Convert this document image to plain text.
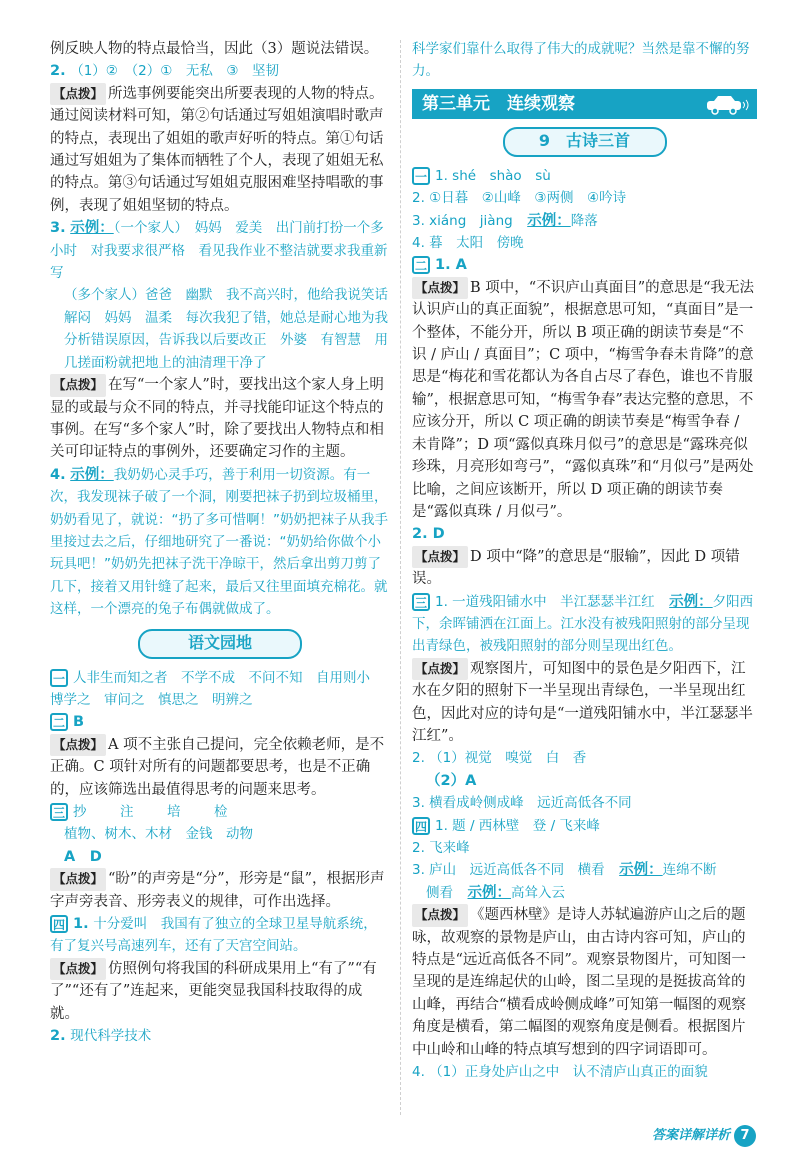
例反映人物的特点最恰当，因此（3）题说法错误。

2. （1）②　（2）①　无私　③　坚韧

【点拨】 所选事例要能突出所要表现的人物的特点。通过阅读材料可知，第②句话通过写姐姐演唱时歌声的特点，表现出了姐姐的歌声好听的特点。第①句话通过写姐姐为了集体而牺牲了个人，表现了姐姐无私的特点。第③句话通过写姐姐克服困难坚持唱歌的事例，表现了姐姐坚韧的特点。

3. 示例：（一个家人）　妈妈　爱美　出门前打扮一个多小时　对我要求很严格　看见我作业不整洁就要求我重新写

（多个家人）爸爸　幽默　我不高兴时，他给我说笑话解闷　妈妈　温柔　每次我犯了错，她总是耐心地为我分析错误原因，告诉我以后要改正　外婆　有智慧　用几搓面粉就把地上的油清理干净了

【点拨】 在写“一个家人”时，要找出这个家人身上明显的或最与众不同的特点，并寻找能印证这个特点的事例。在写“多个家人”时，除了要找出人物特点和相关可印证特点的事例外，还要确定习作的主题。

4. 示例：我奶奶心灵手巧，善于利用一切资源。有一次，我发现袜子破了一个洞，刚要把袜子扔到垃圾桶里，奶奶看见了，就说：“扔了多可惜啊！”奶奶把袜子从我手里接过去之后，仔细地研究了一番说：“奶奶给你做个小玩具吧！”奶奶先把袜子洗干净晾干，然后拿出剪刀剪了几下，接着又用针缝了起来，最后又往里面填充棉花。就这样，一个漂亮的兔子布偶就做成了。

语文园地

一 人非生而知之者　不学不成　不问不知　自用则小　博学之　审问之　慎思之　明辨之

二 B

【点拨】 A 项不主张自己提问，完全依赖老师，是不正确。C 项针对所有的问题都要思考，也是不正确的，应该筛选出最值得思考的问题来思考。

三 抄　注　培　检

植物、树木、木材　金钱　动物

A　D

【点拨】 “盼”的声旁是“分”，形旁是“鼠”，根据形声字声旁表音、形旁表义的规律，可作出选择。

四 1. 十分爱叫　我国有了独立的全球卫星导航系统，有了复兴号高速列车，还有了天宫空间站。

【点拨】 仿照例句将我国的科研成果用上“有了”“有了”“还有了”连起来，更能突显我国科技取得的成就。

2. 现代科学技术

科学家们靠什么取得了伟大的成就呢？当然是靠不懈的努力。

第三单元　连续观察
9　古诗三首

一 1. shé　shào　sù

2. ①日暮　②山峰　③两侧　④吟诗

3. xiáng　jiàng　 示例：降落

4. 暮　太阳　傍晚

二 1. A

【点拨】 B 项中，“不识庐山真面目”的意思是“我无法认识庐山的真正面貌”，根据意思可知，“真面目”是一个整体，不能分开，所以 B 项正确的朗读节奏是“不识 / 庐山 / 真面目”；C 项中，“梅雪争春未肯降”的意思是“梅花和雪花都认为各自占尽了春色，谁也不肯服输”，根据意思可知，“梅雪争春”表达完整的意思，不应该分开，所以 C 项正确的朗读节奏是“梅雪争春 / 未肯降”；D 项“露似真珠月似弓”的意思是“露珠亮似珍珠，月亮形如弯弓”，“露似真珠”和“月似弓”是两处比喻，之间应该断开，所以 D 项正确的朗读节奏是“露似真珠 / 月似弓”。

2. D

【点拨】 D 项中“降”的意思是“服输”，因此 D 项错误。

三 1. 一道残阳铺水中　半江瑟瑟半江红　 示例：夕阳西下，余晖铺洒在江面上。江水没有被残阳照射的部分呈现出青绿色，被残阳照射的部分则呈现出红色。

【点拨】 观察图片，可知图中的景色是夕阳西下，江水在夕阳的照射下一半呈现出青绿色，一半呈现出红色，因此对应的诗句是“一道残阳铺水中，半江瑟瑟半江红”。

2. （1）视觉　嗅觉　白　香

（2）A

3. 横看成岭侧成峰　远近高低各不同

四 1. 题 / 西林壁　登 / 飞来峰

2. 飞来峰

3. 庐山　远近高低各不同　横看　 示例：连绵不断

侧看　 示例：高耸入云

【点拨】 《题西林壁》是诗人苏轼遍游庐山之后的题咏，故观察的景物是庐山，由古诗内容可知，庐山的特点是“远近高低各不同”。观察景物图片，可知图一呈现的是连绵起伏的山岭，图二呈现的是挺拔高耸的山峰，再结合“横看成岭侧成峰”可知第一幅图的观察角度是横看，第二幅图的观察角度是侧看。根据图片中山岭和山峰的特点填写想到的四字词语即可。

4. （1）正身处庐山之中　认不清庐山真正的面貌

答案详解详析 7
